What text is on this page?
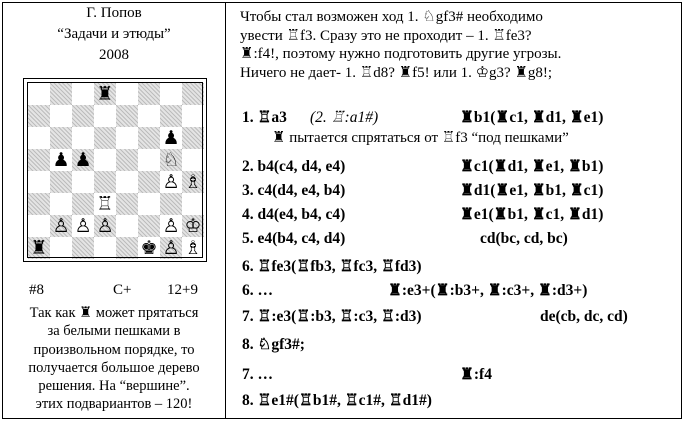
Г. Попов
“Задачи и этюды”
2008
♜
♟
♟ ♟	♘
♙ ♗
♖
♙ ♙ ♙	♙ ♔
♜	♚ ♙ ♗
#8	C+ 12+9
Так как ♜ может прятаться
за белыми пешками в
произвольном порядке, то
получается большое дерево
решения. На “вершине”.
этих подвариантов – 120!
Чтобы стал возможен ход 1. ♘gf3# необходимо
увести ♖f3. Сразу это не проходит – 1. ♖fe3?
♜:f4!, поэтому нужно подготовить другие угрозы.
Ничего не дает- 1. ♖d8? ♜f5! или 1. ♔g3? ♜g8!;
1. ♖a3 (2. ♖:a1#)	♜b1(♜c1, ♜d1, ♜e1)
♜ пытается спрятаться от ♖f3 “под пешками”
2. b4(c4, d4, e4)	♜c1(♜d1, ♜e1, ♜b1)
3. c4(d4, e4, b4)	♜d1(♜e1, ♜b1, ♜c1)
4. d4(e4, b4, c4)	♜e1(♜b1, ♜c1, ♜d1)
5. e4(b4, c4, d4)	cd(bc, cd, bc)
6. ♖fe3(♖fb3, ♖fc3, ♖fd3)
6. …	♜:e3+(♜:b3+, ♜:c3+, ♜:d3+)
7. ♖:e3(♖:b3, ♖:c3, ♖:d3)	de(cb, dc, cd)
8. ♘gf3#;
7. …	♜:f4
8. ♖e1#(♖b1#, ♖c1#, ♖d1#)
